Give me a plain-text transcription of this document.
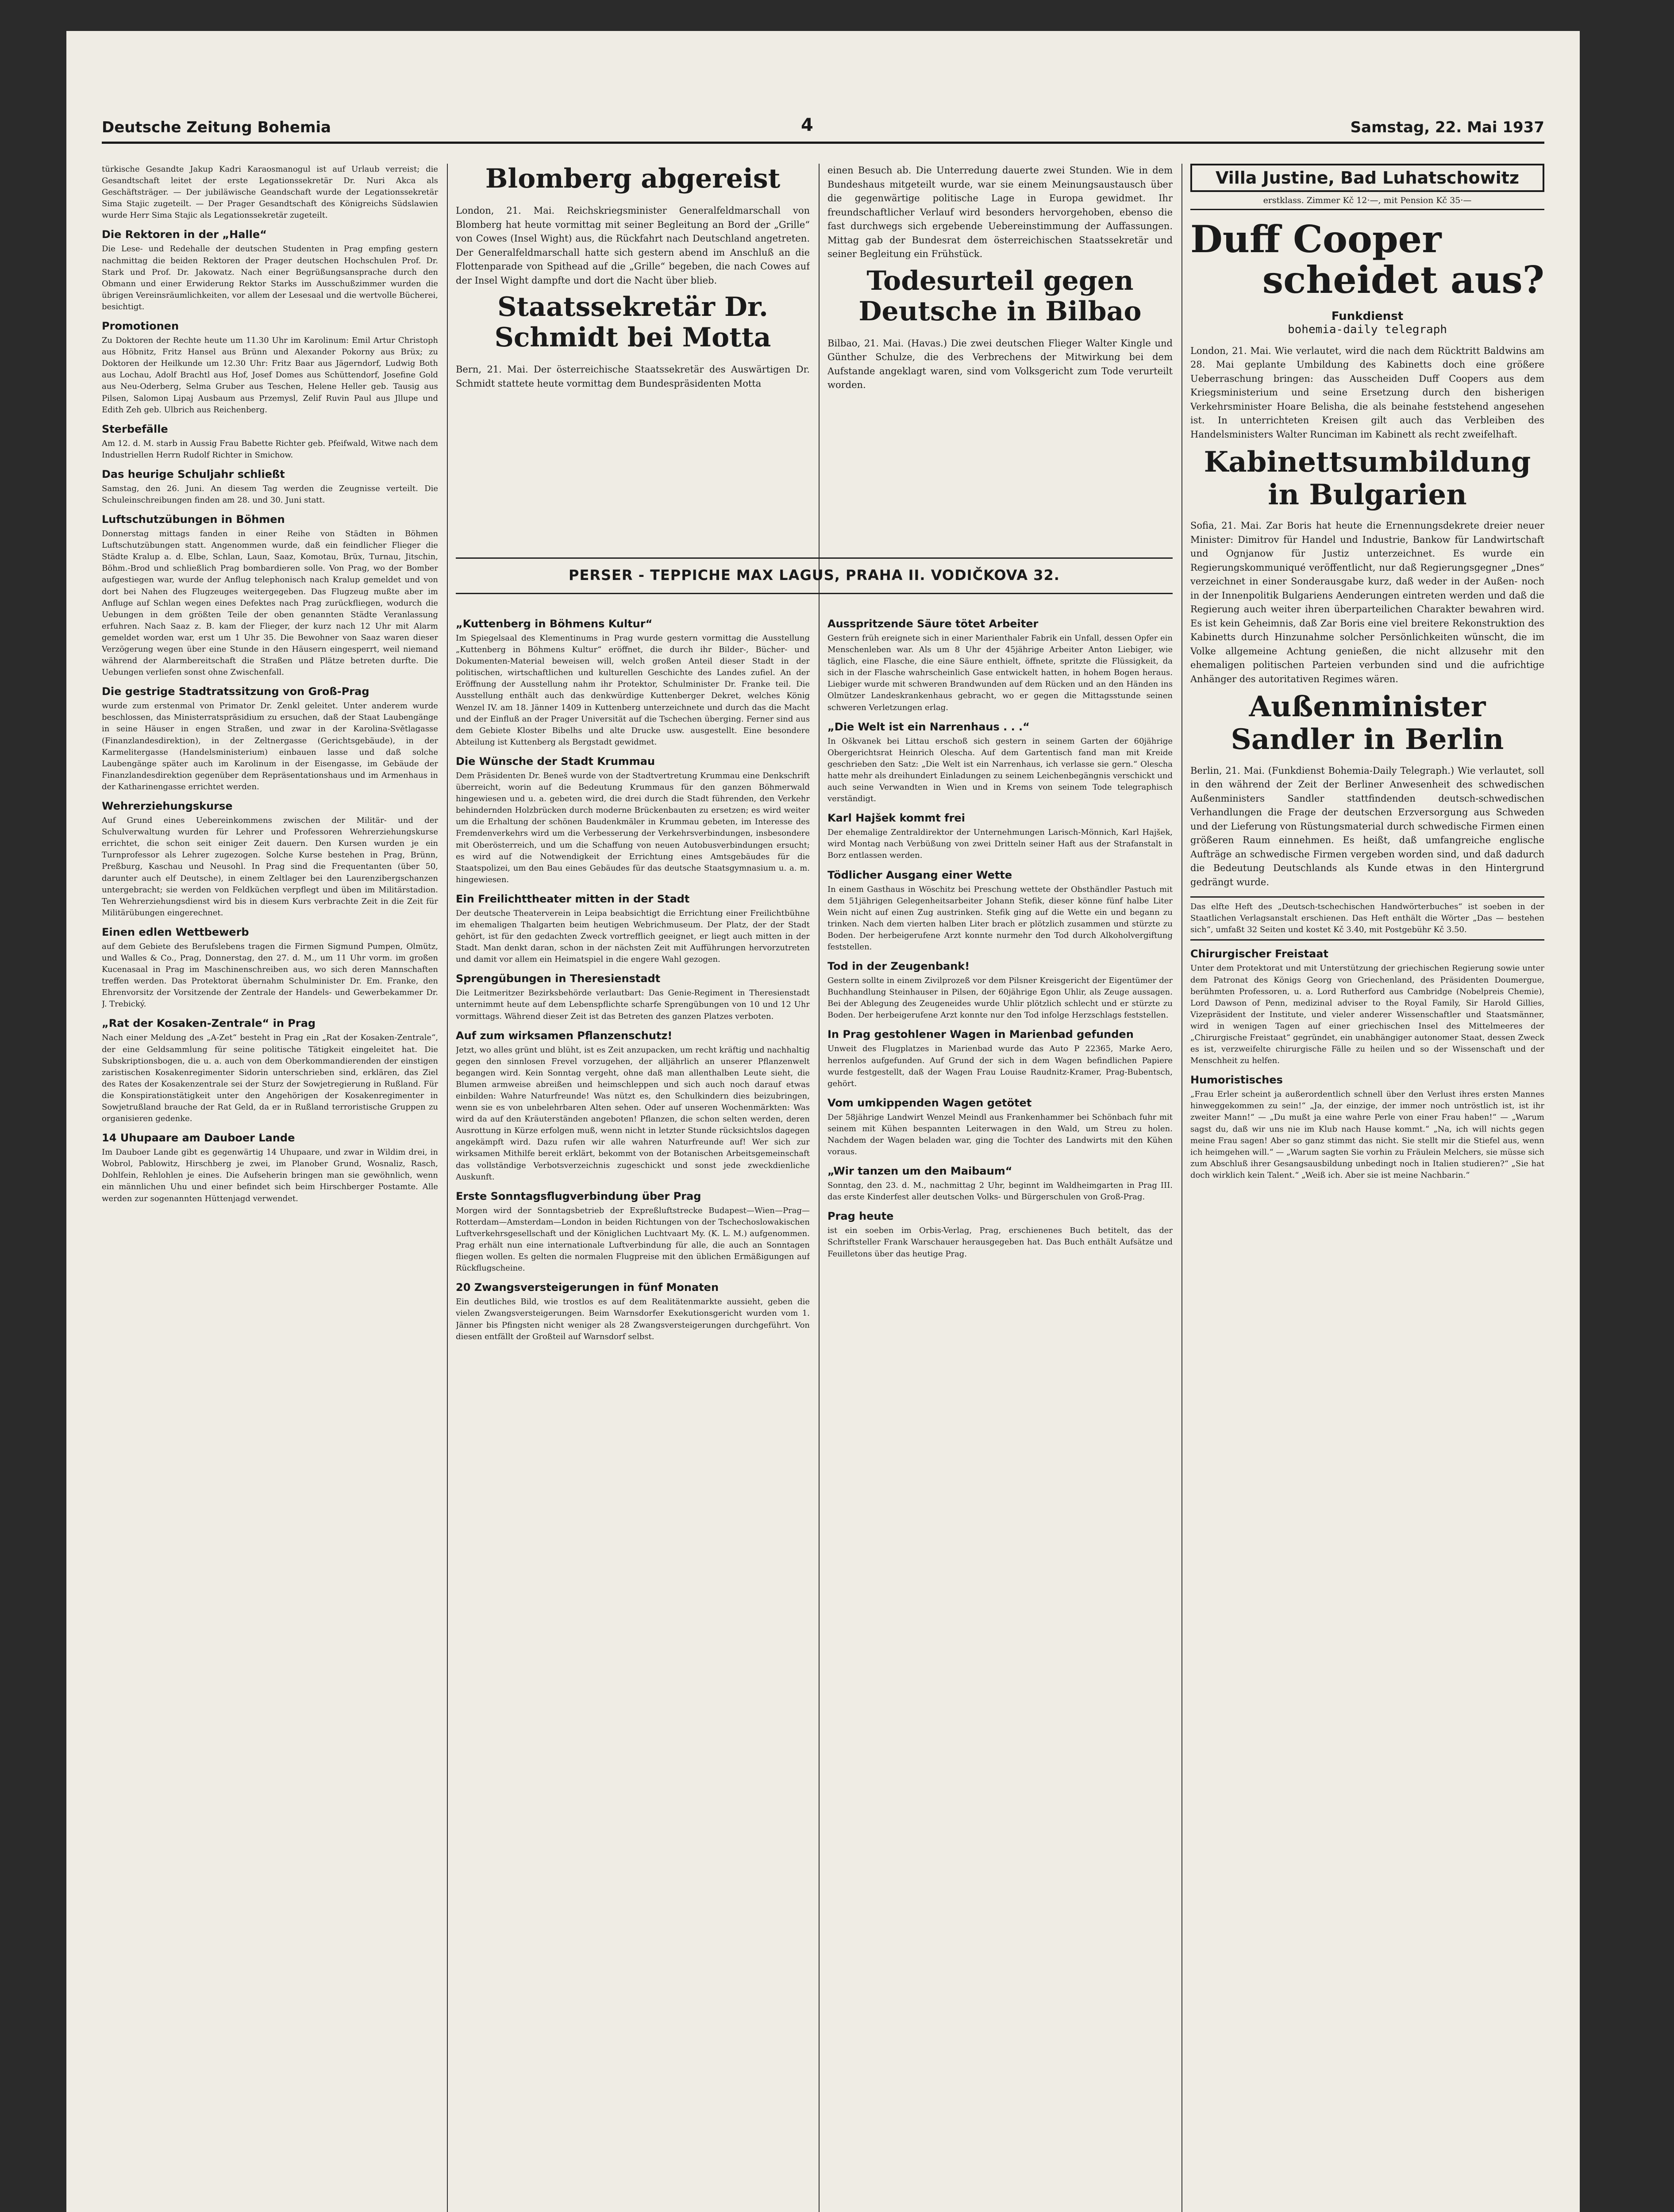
Deutsche Zeitung Bohemia	4	Samstag, 22. Mai 1937

türkische Gesandte Jakup Kadri Karaosmanogul ist auf Urlaub verreist; die Gesandtschaft leitet der erste Legationssekretär Dr. Nuri Akca als Geschäftsträger. — Der jubiläwische Geandschaft wurde der Legationssekretär Sima Stajic zugeteilt. — Der Prager Gesandtschaft des Königreichs Südslawien wurde Herr Sima Stajic als Legationssekretär zugeteilt.

Die Rektoren in der „Halle“

Die Lese- und Redehalle der deutschen Studenten in Prag empfing gestern nachmittag die beiden Rektoren der Prager deutschen Hochschulen Prof. Dr. Stark und Prof. Dr. Jakowatz. Nach einer Begrüßungsansprache durch den Obmann und einer Erwiderung Rektor Starks im Ausschußzimmer wurden die übrigen Vereinsräumlichkeiten, vor allem der Lesesaal und die wertvolle Bücherei, besichtigt.

Promotionen

Zu Doktoren der Rechte heute um 11.30 Uhr im Karolinum: Emil Artur Christoph aus Höbnitz, Fritz Hansel aus Brünn und Alexander Pokorny aus Brüx; zu Doktoren der Heilkunde um 12.30 Uhr: Fritz Baar aus Jägerndorf, Ludwig Both aus Lochau, Adolf Brachtl aus Hof, Josef Domes aus Schüttendorf, Josefine Gold aus Neu-Oderberg, Selma Gruber aus Teschen, Helene Heller geb. Tausig aus Pilsen, Salomon Lipaj Ausbaum aus Przemysl, Zelif Ruvin Paul aus Jllupe und Edith Zeh geb. Ulbrich aus Reichenberg.

Sterbefälle

Am 12. d. M. starb in Aussig Frau Babette Richter geb. Pfeifwald, Witwe nach dem Industriellen Herrn Rudolf Richter in Smichow.

Das heurige Schuljahr schließt

Samstag, den 26. Juni. An diesem Tag werden die Zeugnisse verteilt. Die Schuleinschreibungen finden am 28. und 30. Juni statt.

Luftschutzübungen in Böhmen

Donnerstag mittags fanden in einer Reihe von Städten in Böhmen Luftschutzübungen statt. Angenommen wurde, daß ein feindlicher Flieger die Städte Kralup a. d. Elbe, Schlan, Laun, Saaz, Komotau, Brüx, Turnau, Jitschin, Böhm.-Brod und schließlich Prag bombardieren solle. Von Prag, wo der Bomber aufgestiegen war, wurde der Anflug telephonisch nach Kralup gemeldet und von dort bei Nahen des Flugzeuges weitergegeben. Das Flugzeug mußte aber im Anfluge auf Schlan wegen eines Defektes nach Prag zurückfliegen, wodurch die Uebungen in dem größten Teile der oben genannten Städte Veranlassung erfuhren. Nach Saaz z. B. kam der Flieger, der kurz nach 12 Uhr mit Alarm gemeldet worden war, erst um 1 Uhr 35. Die Bewohner von Saaz waren dieser Verzögerung wegen über eine Stunde in den Häusern eingesperrt, weil niemand während der Alarmbereitschaft die Straßen und Plätze betreten durfte. Die Uebungen verliefen sonst ohne Zwischenfall.

Die gestrige Stadtratssitzung von Groß-Prag

wurde zum erstenmal von Primator Dr. Zenkl geleitet. Unter anderem wurde beschlossen, das Ministerratspräsidium zu ersuchen, daß der Staat Laubengänge in seine Häuser in engen Straßen, und zwar in der Karolina-Světlagasse (Finanzlandesdirektion), in der Zeltnergasse (Gerichtsgebäude), in der Karmelitergasse (Handelsministerium) einbauen lasse und daß solche Laubengänge später auch im Karolinum in der Eisengasse, im Gebäude der Finanzlandesdirektion gegenüber dem Repräsentationshaus und im Armenhaus in der Katharinengasse errichtet werden.

Wehrerziehungskurse

Auf Grund eines Uebereinkommens zwischen der Militär- und der Schulverwaltung wurden für Lehrer und Professoren Wehrerziehungskurse errichtet, die schon seit einiger Zeit dauern. Den Kursen wurden je ein Turnprofessor als Lehrer zugezogen. Solche Kurse bestehen in Prag, Brünn, Preßburg, Kaschau und Neusohl. In Prag sind die Frequentanten (über 50, darunter auch elf Deutsche), in einem Zeltlager bei den Laurenzibergschanzen untergebracht; sie werden von Feldküchen verpflegt und üben im Militärstadion. Ten Wehrerziehungsdienst wird bis in diesem Kurs verbrachte Zeit in die Zeit für Militärübungen eingerechnet.

Einen edlen Wettbewerb

auf dem Gebiete des Berufslebens tragen die Firmen Sigmund Pumpen, Olmütz, und Walles & Co., Prag, Donnerstag, den 27. d. M., um 11 Uhr vorm. im großen Kucenasaal in Prag im Maschinenschreiben aus, wo sich deren Mannschaften treffen werden. Das Protektorat übernahm Schulminister Dr. Em. Franke, den Ehrenvorsitz der Vorsitzende der Zentrale der Handels- und Gewerbekammer Dr. J. Trebický.

„Rat der Kosaken-Zentrale“ in Prag

Nach einer Meldung des „A-Zet“ besteht in Prag ein „Rat der Kosaken-Zentrale“, der eine Geldsammlung für seine politische Tätigkeit eingeleitet hat. Die Subskriptionsbogen, die u. a. auch von dem Oberkommandierenden der einstigen zaristischen Kosakenregimenter Sidorin unterschrieben sind, erklären, das Ziel des Rates der Kosakenzentrale sei der Sturz der Sowjetregierung in Rußland. Für die Konspirationstätigkeit unter den Angehörigen der Kosakenregimenter in Sowjetrußland brauche der Rat Geld, da er in Rußland terroristische Gruppen zu organisieren gedenke.

14 Uhupaare am Dauboer Lande

Im Dauboer Lande gibt es gegenwärtig 14 Uhupaare, und zwar in Wildim drei, in Wobrol, Pablowitz, Hirschberg je zwei, im Planober Grund, Wosnaliz, Rasch, Dohlfein, Rehlohlen je eines. Die Aufseherin bringen man sie gewöhnlich, wenn ein männlichen Uhu und einer befindet sich beim Hirschberger Postamte. Alle werden zur sogenannten Hüttenjagd verwendet.

Blomberg abgereist

London, 21. Mai. Reichskriegsminister Generalfeldmarschall von Blomberg hat heute vormittag mit seiner Begleitung an Bord der „Grille“ von Cowes (Insel Wight) aus, die Rückfahrt nach Deutschland angetreten. Der Generalfeldmarschall hatte sich gestern abend im Anschluß an die Flottenparade von Spithead auf die „Grille“ begeben, die nach Cowes auf der Insel Wight dampfte und dort die Nacht über blieb.

Staatssekretär Dr. Schmidt bei Motta

Bern, 21. Mai. Der österreichische Staatssekretär des Auswärtigen Dr. Schmidt stattete heute vormittag dem Bundespräsidenten Motta

einen Besuch ab. Die Unterredung dauerte zwei Stunden. Wie in dem Bundeshaus mitgeteilt wurde, war sie einem Meinungsaustausch über die gegenwärtige politische Lage in Europa gewidmet. Ihr freundschaftlicher Verlauf wird besonders hervorgehoben, ebenso die fast durchwegs sich ergebende Uebereinstimmung der Auffassungen. Mittag gab der Bundesrat dem österreichischen Staatssekretär und seiner Begleitung ein Frühstück.

Todesurteil gegen Deutsche in Bilbao

Bilbao, 21. Mai. (Havas.) Die zwei deutschen Flieger Walter Kingle und Günther Schulze, die des Verbrechens der Mitwirkung bei dem Aufstande angeklagt waren, sind vom Volksgericht zum Tode verurteilt worden.

PERSER - TEPPICHE MAX LAGUS, PRAHA II. VODIČKOVA 32.
„Kuttenberg in Böhmens Kultur“

Im Spiegelsaal des Klementinums in Prag wurde gestern vormittag die Ausstellung „Kuttenberg in Böhmens Kultur“ eröffnet, die durch ihr Bilder-, Bücher- und Dokumenten-Material beweisen will, welch großen Anteil dieser Stadt in der politischen, wirtschaftlichen und kulturellen Geschichte des Landes zufiel. An der Eröffnung der Ausstellung nahm ihr Protektor, Schulminister Dr. Franke teil. Die Ausstellung enthält auch das denkwürdige Kuttenberger Dekret, welches König Wenzel IV. am 18. Jänner 1409 in Kuttenberg unterzeichnete und durch das die Macht und der Einfluß an der Prager Universität auf die Tschechen überging. Ferner sind aus dem Gebiete Kloster Bibelhs und alte Drucke usw. ausgestellt. Eine besondere Abteilung ist Kuttenberg als Bergstadt gewidmet.

Die Wünsche der Stadt Krummau

Dem Präsidenten Dr. Beneš wurde von der Stadtvertretung Krummau eine Denkschrift überreicht, worin auf die Bedeutung Krummaus für den ganzen Böhmerwald hingewiesen und u. a. gebeten wird, die drei durch die Stadt führenden, den Verkehr behindernden Holzbrücken durch moderne Brückenbauten zu ersetzen; es wird weiter um die Erhaltung der schönen Baudenkmäler in Krummau gebeten, im Interesse des Fremdenverkehrs wird um die Verbesserung der Verkehrsverbindungen, insbesondere mit Oberösterreich, und um die Schaffung von neuen Autobusverbindungen ersucht; es wird auf die Notwendigkeit der Errichtung eines Amtsgebäudes für die Staatspolizei, um den Bau eines Gebäudes für das deutsche Staatsgymnasium u. a. m. hingewiesen.

Ein Freilichttheater mitten in der Stadt

Der deutsche Theaterverein in Leipa beabsichtigt die Errichtung einer Freilichtbühne im ehemaligen Thalgarten beim heutigen Webrichmuseum. Der Platz, der der Stadt gehört, ist für den gedachten Zweck vortrefflich geeignet, er liegt auch mitten in der Stadt. Man denkt daran, schon in der nächsten Zeit mit Aufführungen hervorzutreten und damit vor allem ein Heimatspiel in die engere Wahl gezogen.

Sprengübungen in Theresienstadt

Die Leitmeritzer Bezirksbehörde verlautbart: Das Genie-Regiment in Theresienstadt unternimmt heute auf dem Lebenspflichte scharfe Sprengübungen von 10 und 12 Uhr vormittags. Während dieser Zeit ist das Betreten des ganzen Platzes verboten.

Auf zum wirksamen Pflanzenschutz!

Jetzt, wo alles grünt und blüht, ist es Zeit anzupacken, um recht kräftig und nachhaltig gegen den sinnlosen Frevel vorzugehen, der alljährlich an unserer Pflanzenwelt begangen wird. Kein Sonntag vergeht, ohne daß man allenthalben Leute sieht, die Blumen armweise abreißen und heimschleppen und sich auch noch darauf etwas einbilden: Wahre Naturfreunde! Was nützt es, den Schulkindern dies beizubringen, wenn sie es von unbelehrbaren Alten sehen. Oder auf unseren Wochenmärkten: Was wird da auf den Kräuterständen angeboten! Pflanzen, die schon selten werden, deren Ausrottung in Kürze erfolgen muß, wenn nicht in letzter Stunde rücksichtslos dagegen angekämpft wird. Dazu rufen wir alle wahren Naturfreunde auf! Wer sich zur wirksamen Mithilfe bereit erklärt, bekommt von der Botanischen Arbeitsgemeinschaft das vollständige Verbotsverzeichnis zugeschickt und sonst jede zweckdienliche Auskunft.

Erste Sonntagsflugverbindung über Prag

Morgen wird der Sonntagsbetrieb der Expreßluftstrecke Budapest—Wien—Prag—Rotterdam—Amsterdam—London in beiden Richtungen von der Tschechoslowakischen Luftverkehrsgesellschaft und der Königlichen Luchtvaart My. (K. L. M.) aufgenommen. Prag erhält nun eine internationale Luftverbindung für alle, die auch an Sonntagen fliegen wollen. Es gelten die normalen Flugpreise mit den üblichen Ermäßigungen auf Rückflugscheine.

20 Zwangsversteigerungen in fünf Monaten

Ein deutliches Bild, wie trostlos es auf dem Realitätenmarkte aussieht, geben die vielen Zwangsversteigerungen. Beim Warnsdorfer Exekutionsgericht wurden vom 1. Jänner bis Pfingsten nicht weniger als 28 Zwangsversteigerungen durchgeführt. Von diesen entfällt der Großteil auf Warnsdorf selbst.

Ausspritzende Säure tötet Arbeiter

Gestern früh ereignete sich in einer Marienthaler Fabrik ein Unfall, dessen Opfer ein Menschenleben war. Als um 8 Uhr der 45jährige Arbeiter Anton Liebiger, wie täglich, eine Flasche, die eine Säure enthielt, öffnete, spritzte die Flüssigkeit, da sich in der Flasche wahrscheinlich Gase entwickelt hatten, in hohem Bogen heraus. Liebiger wurde mit schweren Brandwunden auf dem Rücken und an den Händen ins Olmützer Landeskrankenhaus gebracht, wo er gegen die Mittagsstunde seinen schweren Verletzungen erlag.

„Die Welt ist ein Narrenhaus . . .“

In Oškvanek bei Littau erschoß sich gestern in seinem Garten der 60jährige Obergerichtsrat Heinrich Olescha. Auf dem Gartentisch fand man mit Kreide geschrieben den Satz: „Die Welt ist ein Narrenhaus, ich verlasse sie gern.“ Olescha hatte mehr als dreihundert Einladungen zu seinem Leichenbegängnis verschickt und auch seine Verwandten in Wien und in Krems von seinem Tode telegraphisch verständigt.

Karl Hajšek kommt frei

Der ehemalige Zentraldirektor der Unternehmungen Larisch-Mönnich, Karl Hajšek, wird Montag nach Verbüßung von zwei Dritteln seiner Haft aus der Strafanstalt in Borz entlassen werden.

Tödlicher Ausgang einer Wette

In einem Gasthaus in Wöschitz bei Preschung wettete der Obsthändler Pastuch mit dem 51jährigen Gelegenheitsarbeiter Johann Stefik, dieser könne fünf halbe Liter Wein nicht auf einen Zug austrinken. Stefik ging auf die Wette ein und begann zu trinken. Nach dem vierten halben Liter brach er plötzlich zusammen und stürzte zu Boden. Der herbeigerufene Arzt konnte nurmehr den Tod durch Alkoholvergiftung feststellen.

Tod in der Zeugenbank!

Gestern sollte in einem Zivilprozeß vor dem Pilsner Kreisgericht der Eigentümer der Buchhandlung Steinhauser in Pilsen, der 60jährige Egon Uhlir, als Zeuge aussagen. Bei der Ablegung des Zeugeneides wurde Uhlir plötzlich schlecht und er stürzte zu Boden. Der herbeigerufene Arzt konnte nur den Tod infolge Herzschlags feststellen.

In Prag gestohlener Wagen in Marienbad gefunden

Unweit des Flugplatzes in Marienbad wurde das Auto P 22365, Marke Aero, herrenlos aufgefunden. Auf Grund der sich in dem Wagen befindlichen Papiere wurde festgestellt, daß der Wagen Frau Louise Raudnitz-Kramer, Prag-Bubentsch, gehört.

Vom umkippenden Wagen getötet

Der 58jährige Landwirt Wenzel Meindl aus Frankenhammer bei Schönbach fuhr mit seinem mit Kühen bespannten Leiterwagen in den Wald, um Streu zu holen. Nachdem der Wagen beladen war, ging die Tochter des Landwirts mit den Kühen voraus.

„Wir tanzen um den Maibaum“

Sonntag, den 23. d. M., nachmittag 2 Uhr, beginnt im Waldheimgarten in Prag III. das erste Kinderfest aller deutschen Volks- und Bürgerschulen von Groß-Prag.

Prag heute

ist ein soeben im Orbis-Verlag, Prag, erschienenes Buch betitelt, das der Schriftsteller Frank Warschauer herausgegeben hat. Das Buch enthält Aufsätze und Feuilletons über das heutige Prag.

Villa Justine, Bad Luhatschowitz
erstklass. Zimmer Kč 12·—, mit Pension Kč 35·—
Duff Cooper
scheidet aus?

Funkdienst

bohemia-daily telegraph

London, 21. Mai. Wie verlautet, wird die nach dem Rücktritt Baldwins am 28. Mai geplante Umbildung des Kabinetts doch eine größere Ueberraschung bringen: das Ausscheiden Duff Coopers aus dem Kriegsministerium und seine Ersetzung durch den bisherigen Verkehrsminister Hoare Belisha, die als beinahe feststehend angesehen ist. In unterrichteten Kreisen gilt auch das Verbleiben des Handelsministers Walter Runciman im Kabinett als recht zweifelhaft.

Kabinettsumbildung in Bulgarien

Sofia, 21. Mai. Zar Boris hat heute die Ernennungsdekrete dreier neuer Minister: Dimitrov für Handel und Industrie, Bankow für Landwirtschaft und Ognjanow für Justiz unterzeichnet. Es wurde ein Regierungskommuniqué veröffentlicht, nur daß Regierungsgegner „Dnes“ verzeichnet in einer Sonderausgabe kurz, daß weder in der Außen- noch in der Innenpolitik Bulgariens Aenderungen eintreten werden und daß die Regierung auch weiter ihren überparteilichen Charakter bewahren wird. Es ist kein Geheimnis, daß Zar Boris eine viel breitere Rekonstruktion des Kabinetts durch Hinzunahme solcher Persönlichkeiten wünscht, die im Volke allgemeine Achtung genießen, die nicht allzusehr mit den ehemaligen politischen Parteien verbunden sind und die aufrichtige Anhänger des autoritativen Regimes wären.

Außenminister Sandler in Berlin

Berlin, 21. Mai. (Funkdienst Bohemia-Daily Telegraph.) Wie verlautet, soll in den während der Zeit der Berliner Anwesenheit des schwedischen Außenministers Sandler stattfindenden deutsch-schwedischen Verhandlungen die Frage der deutschen Erzversorgung aus Schweden und der Lieferung von Rüstungsmaterial durch schwedische Firmen einen größeren Raum einnehmen. Es heißt, daß umfangreiche englische Aufträge an schwedische Firmen vergeben worden sind, und daß dadurch die Bedeutung Deutschlands als Kunde etwas in den Hintergrund gedrängt wurde.

Das elfte Heft des „Deutsch-tschechischen Handwörterbuches“ ist soeben in der Staatlichen Verlagsanstalt erschienen. Das Heft enthält die Wörter „Das — bestehen sich“, umfaßt 32 Seiten und kostet Kč 3.40, mit Postgebühr Kč 3.50.
Chirurgischer Freistaat

Unter dem Protektorat und mit Unterstützung der griechischen Regierung sowie unter dem Patronat des Königs Georg von Griechenland, des Präsidenten Doumergue, berühmten Professoren, u. a. Lord Rutherford aus Cambridge (Nobelpreis Chemie), Lord Dawson of Penn, medizinal adviser to the Royal Family, Sir Harold Gillies, Vizepräsident der Institute, und vieler anderer Wissenschaftler und Staatsmänner, wird in wenigen Tagen auf einer griechischen Insel des Mittelmeeres der „Chirurgische Freistaat“ gegründet, ein unabhängiger autonomer Staat, dessen Zweck es ist, verzweifelte chirurgische Fälle zu heilen und so der Wissenschaft und der Menschheit zu helfen.

Humoristisches

„Frau Erler scheint ja außerordentlich schnell über den Verlust ihres ersten Mannes hinweggekommen zu sein!“ „Ja, der einzige, der immer noch untröstlich ist, ist ihr zweiter Mann!“ — „Du mußt ja eine wahre Perle von einer Frau haben!“ — „Warum sagst du, daß wir uns nie im Klub nach Hause kommt.“ „Na, ich will nichts gegen meine Frau sagen! Aber so ganz stimmt das nicht. Sie stellt mir die Stiefel aus, wenn ich heimgehen will.“ — „Warum sagten Sie vorhin zu Fräulein Melchers, sie müsse sich zum Abschluß ihrer Gesangsausbildung unbedingt noch in Italien studieren?“ „Sie hat doch wirklich kein Talent.“ „Weiß ich. Aber sie ist meine Nachbarin.“
